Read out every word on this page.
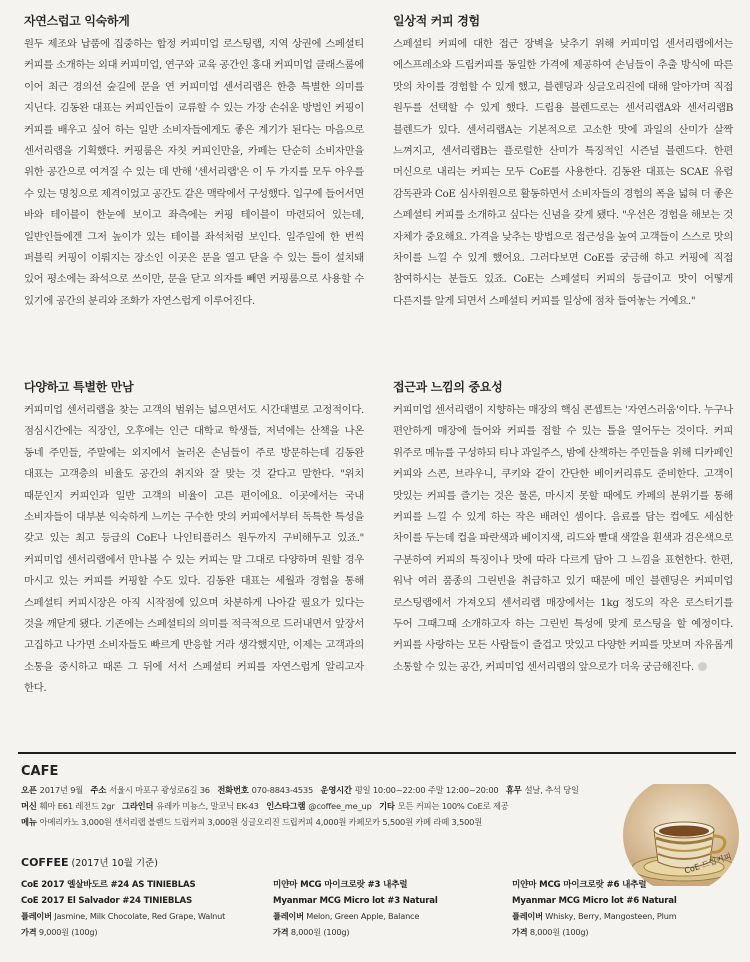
자연스럽고 익숙하게

원두 제조와 납품에 집중하는 합정 커피미업 로스팅랩, 지역 상권에 스페셜티 커피를 소개하는 외대 커피미업, 연구와 교육 공간인 홍대 커피미업 클래스룸에 이어 최근 경의선 숲길에 문을 연 커피미업 센서리랩은 한층 특별한 의미를 지닌다. 김동완 대표는 커피인들이 교류할 수 있는 가장 손쉬운 방법인 커핑이 커피를 배우고 싶어 하는 일반 소비자들에게도 좋은 계기가 된다는 마음으로 센서리랩을 기획했다. 커핑룸은 자칫 커피인만을, 카페는 단순히 소비자만을 위한 공간으로 여겨질 수 있는 데 반해 '센서리랩'은 이 두 가지를 모두 아우를 수 있는 명칭으로 제격이었고 공간도 같은 맥락에서 구성했다. 입구에 들어서면 바와 테이블이 한눈에 보이고 좌측에는 커핑 테이블이 마련되어 있는데, 일반인들에겐 그저 높이가 있는 테이블 좌석처럼 보인다. 일주일에 한 번씩 퍼블릭 커핑이 이뤄지는 장소인 이곳은 문을 열고 닫을 수 있는 틀이 설치돼 있어 평소에는 좌석으로 쓰이만, 문을 닫고 의자를 빼면 커핑룸으로 사용할 수 있기에 공간의 분리와 조화가 자연스럽게 이루어진다.

일상적 커피 경험

스페셜티 커피에 대한 접근 장벽을 낮추기 위해 커피미업 센서리랩에서는 에스프레소와 드립커피를 동일한 가격에 제공하여 손님들이 추출 방식에 따른 맛의 차이를 경험할 수 있게 했고, 블렌딩과 싱글오리진에 대해 알아가며 직접 원두를 선택할 수 있게 했다. 드립용 블렌드로는 센서리랩A와 센서리랩B 블렌드가 있다. 센서리랩A는 기본적으로 고소한 맛에 과일의 산미가 살짝 느껴지고, 센서리랩B는 플로럴한 산미가 특징적인 시즌널 블렌드다. 한편 머신으로 내리는 커피는 모두 CoE를 사용한다. 김동완 대표는 SCAE 유럽 감독관과 CoE 심사위원으로 활동하면서 소비자들의 경험의 폭을 넓혀 더 좋은 스페셜티 커피를 소개하고 싶다는 신념을 갖게 됐다. "우선은 경험을 해보는 것 자체가 중요해요. 가격을 낮추는 방법으로 접근성을 높여 고객들이 스스로 맛의 차이를 느낄 수 있게 했어요. 그러다보면 CoE를 궁금해 하고 커핑에 직접 참여하시는 분들도 있죠. CoE는 스페셜티 커피의 등급이고 맛이 어떻게 다른지를 알게 되면서 스페셜티 커피를 일상에 점차 들여놓는 거예요."

다양하고 특별한 만남

커피미업 센서리랩을 찾는 고객의 범위는 넓으면서도 시간대별로 고정적이다. 점심시간에는 직장인, 오후에는 인근 대학교 학생들, 저녁에는 산책을 나온 동네 주민들, 주말에는 외지에서 놀러온 손님들이 주로 방문하는데 김동완 대표는 고객층의 비율도 공간의 취지와 잘 맞는 것 같다고 말한다. "위치 때문인지 커피인과 일반 고객의 비율이 고른 편이에요. 이곳에서는 국내 소비자들이 대부분 익숙하게 느끼는 구수한 맛의 커피에서부터 독특한 특성을 갖고 있는 최고 등급의 CoE나 나인티플러스 원두까지 구비해두고 있죠." 커피미업 센서리랩에서 만나볼 수 있는 커피는 말 그대로 다양하며 원할 경우 마시고 있는 커피를 커핑할 수도 있다. 김동완 대표는 세월과 경험을 통해 스페셜티 커피시장은 아직 시작점에 있으며 차분하게 나아갈 필요가 있다는 것을 깨닫게 됐다. 기존에는 스페셜티의 의미를 적극적으로 드러내면서 앞장서 고집하고 나가면 소비자들도 빠르게 반응할 거라 생각했지만, 이제는 고객과의 소통을 중시하고 때론 그 뒤에 서서 스페셜티 커피를 자연스럽게 알리고자 한다.

접근과 느낌의 중요성

커피미업 센서리랩이 지향하는 매장의 핵심 콘셉트는 '자연스러움'이다. 누구나 편안하게 매장에 들어와 커피를 접할 수 있는 틀을 열어두는 것이다. 커피 위주로 메뉴를 구성하되 티나 과일주스, 밤에 산책하는 주민들을 위해 디카페인 커피와 스콘, 브라우니, 쿠키와 같이 간단한 베이커리류도 준비한다. 고객이 맛있는 커피를 즐기는 것은 물론, 마시지 못할 때에도 카페의 분위기를 통해 커피를 느낄 수 있게 하는 작은 배려인 셈이다. 음료를 담는 컵에도 세심한 차이를 두는데 컵을 파란색과 베이지색, 리드와 빨대 색깔을 흰색과 검은색으로 구분하여 커피의 특징이나 맛에 따라 다르게 담아 그 느낌을 표현한다. 한편, 워낙 여러 품종의 그린빈을 취급하고 있기 때문에 메인 블렌딩은 커피미업 로스팅랩에서 가져오되 센서리랩 매장에서는 1kg 정도의 작은 로스터기를 두어 그때그때 소개하고자 하는 그린빈 특성에 맞게 로스팅을 할 예정이다. 커피를 사랑하는 모든 사람들이 즐겁고 맛있고 다양한 커피를 맛보며 자유롭게 소통할 수 있는 공간, 커피미업 센서리랩의 앞으로가 더욱 궁금해진다.

CAFE
오픈 2017년 9월 주소 서울시 마포구 광성로6길 36 전화번호 070-8843-4535 운영시간 평일 10:00~22:00 주말 12:00~20:00 휴무 설날, 추석 당일
머신 훼마 E61 레전드 2gr 그라인더 유레카 미뇽스, 말코닉 EK-43 인스타그램 @coffee_me_up 기타 모든 커피는 100% CoE로 제공
메뉴 아메리카노 3,000원 센서리랩 블렌드 드립커피 3,000원 싱글오리진 드립커피 4,000원 카페모카 5,500원 카페 라떼 3,500원
COFFEE (2017년 10월 기준)
CoE 2017 엘살바도르 #24 AS TINIEBLAS
CoE 2017 El Salvador #24 TINIEBLAS
플레이버 Jasmine, Milk Chocolate, Red Grape, Walnut
가격 9,000원 (100g)
미얀마 MCG 마이크로랏 #3 내추럴
Myanmar MCG Micro lot #3 Natural
플레이버 Melon, Green Apple, Balance
가격 8,000원 (100g)
미얀마 MCG 마이크로랏 #6 내추럴
Myanmar MCG Micro lot #6 Natural
플레이버 Whisky, Berry, Mangosteen, Plum
가격 8,000원 (100g)
CoE 드립커피
